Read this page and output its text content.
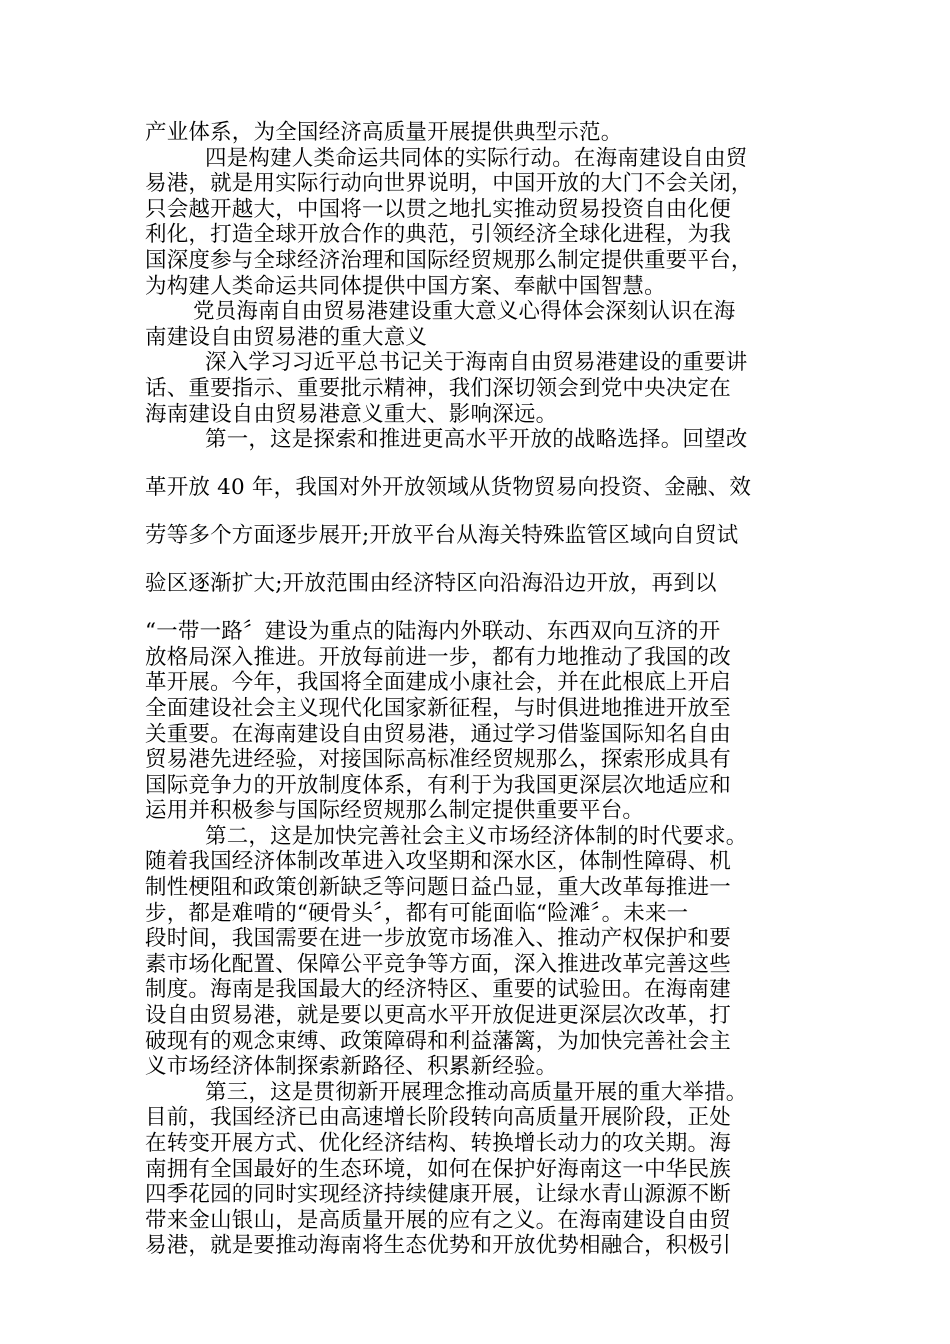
产业体系，为全国经济高质量开展提供典型示范。

四是构建人类命运共同体的实际行动。在海南建设自由贸
易港，就是用实际行动向世界说明，中国开放的大门不会关闭，
只会越开越大，中国将一以贯之地扎实推动贸易投资自由化便
利化，打造全球开放合作的典范，引领经济全球化进程，为我
国深度参与全球经济治理和国际经贸规那么制定提供重要平台，
为构建人类命运共同体提供中国方案、奉献中国智慧。

党员海南自由贸易港建设重大意义心得体会深刻认识在海
南建设自由贸易港的重大意义

深入学习习近平总书记关于海南自由贸易港建设的重要讲
话、重要指示、重要批示精神，我们深切领会到党中央决定在
海南建设自由贸易港意义重大、影响深远。

第一，这是探索和推进更高水平开放的战略选择。回望改
革开放 40 年，我国对外开放领域从货物贸易向投资、金融、效
劳等多个方面逐步展开;开放平台从海关特殊监管区域向自贸试
验区逐渐扩大;开放范围由经济特区向沿海沿边开放，再到以

“一带一路〞建设为重点的陆海内外联动、东西双向互济的开
放格局深入推进。开放每前进一步，都有力地推动了我国的改
革开展。今年，我国将全面建成小康社会，并在此根底上开启
全面建设社会主义现代化国家新征程，与时俱进地推进开放至
关重要。在海南建设自由贸易港，通过学习借鉴国际知名自由
贸易港先进经验，对接国际高标准经贸规那么，探索形成具有
国际竞争力的开放制度体系，有利于为我国更深层次地适应和
运用并积极参与国际经贸规那么制定提供重要平台。

第二，这是加快完善社会主义市场经济体制的时代要求。
随着我国经济体制改革进入攻坚期和深水区，体制性障碍、机
制性梗阻和政策创新缺乏等问题日益凸显，重大改革每推进一
步，都是难啃的“硬骨头〞，都有可能面临“险滩〞。未来一
段时间，我国需要在进一步放宽市场准入、推动产权保护和要
素市场化配置、保障公平竞争等方面，深入推进改革完善这些
制度。海南是我国最大的经济特区、重要的试验田。在海南建
设自由贸易港，就是要以更高水平开放促进更深层次改革，打
破现有的观念束缚、政策障碍和利益藩篱，为加快完善社会主
义市场经济体制探索新路径、积累新经验。

第三，这是贯彻新开展理念推动高质量开展的重大举措。
目前，我国经济已由高速增长阶段转向高质量开展阶段，正处
在转变开展方式、优化经济结构、转换增长动力的攻关期。海
南拥有全国最好的生态环境，如何在保护好海南这一中华民族
四季花园的同时实现经济持续健康开展，让绿水青山源源不断
带来金山银山，是高质量开展的应有之义。在海南建设自由贸
易港，就是要推动海南将生态优势和开放优势相融合，积极引
